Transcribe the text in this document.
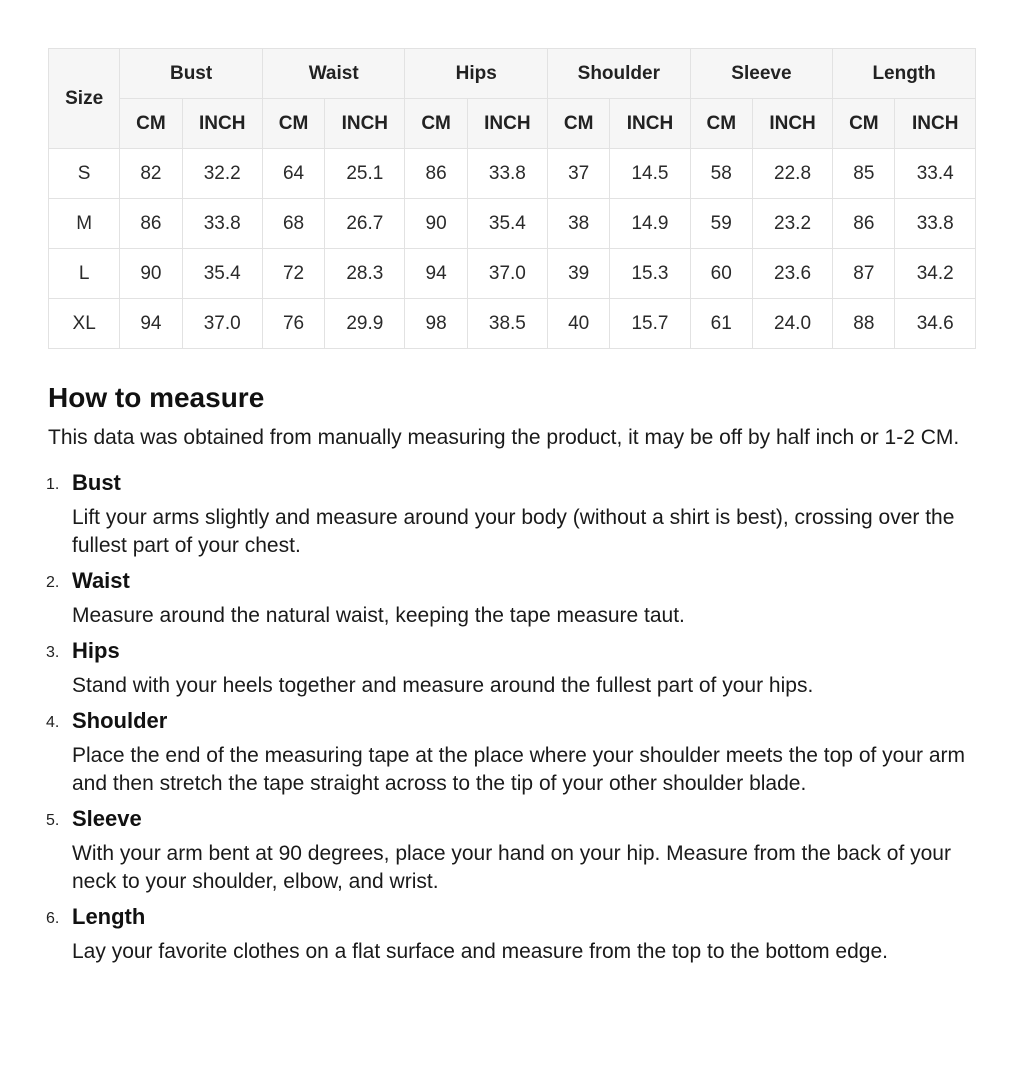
Size	Bust		Waist		Hips		Shoulder		Sleeve		Length	
	CM	INCH	CM	INCH	CM	INCH	CM	INCH	CM	INCH	CM	INCH
S	82	32.2	64	25.1	86	33.8	37	14.5	58	22.8	85	33.4
M	86	33.8	68	26.7	90	35.4	38	14.9	59	23.2	86	33.8
L	90	35.4	72	28.3	94	37.0	39	15.3	60	23.6	87	34.2
XL	94	37.0	76	29.9	98	38.5	40	15.7	61	24.0	88	34.6
How to measure

This data was obtained from manually measuring the product, it may be off by half inch or 1-2 CM.

1. Bust
Lift your arms slightly and measure around your body (without a shirt is best), crossing over the fullest part of your chest.
2. Waist
Measure around the natural waist, keeping the tape measure taut.
3. Hips
Stand with your heels together and measure around the fullest part of your hips.
4. Shoulder
Place the end of the measuring tape at the place where your shoulder meets the top of your arm and then stretch the tape straight across to the tip of your other shoulder blade.
5. Sleeve
With your arm bent at 90 degrees, place your hand on your hip. Measure from the back of your neck to your shoulder, elbow, and wrist.
6. Length
Lay your favorite clothes on a flat surface and measure from the top to the bottom edge.
